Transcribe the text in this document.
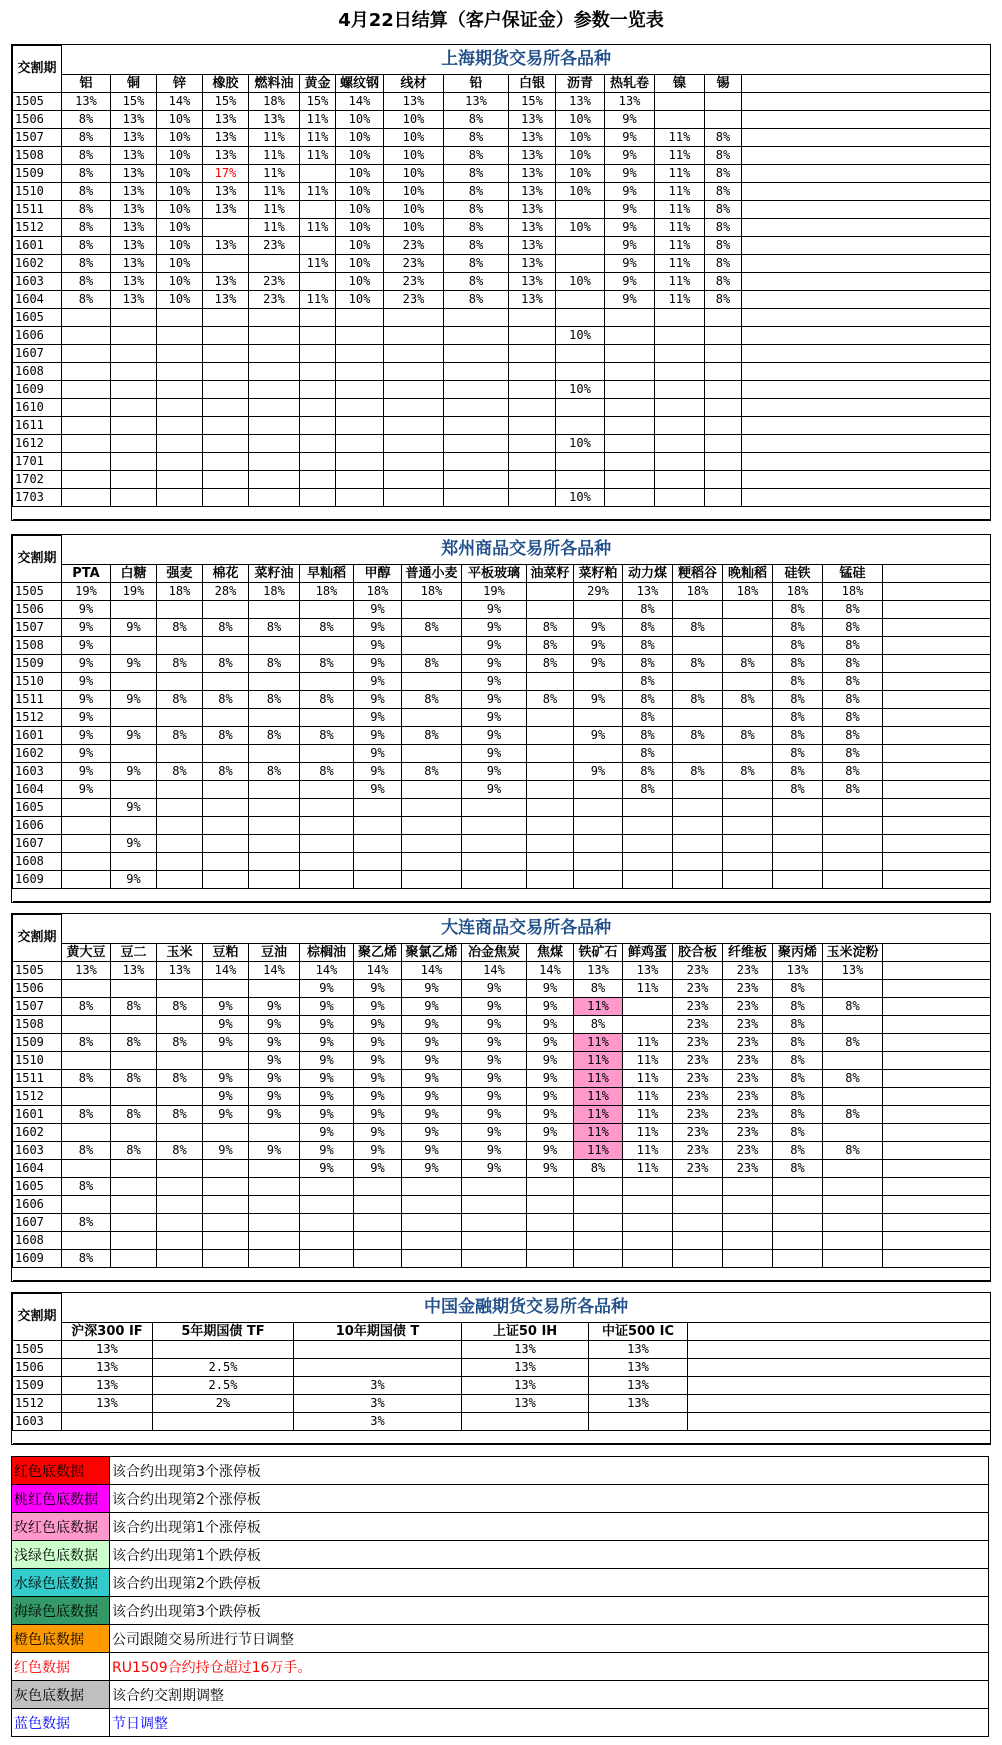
4月22日结算（客户保证金）参数一览表
交割期	上海期货交易所各品种														
	铝	铜	锌	橡胶	燃料油	黄金	螺纹钢	线材	铅	白银	沥青	热轧卷	镍	锡	
1505	13%	15%	14%	15%	18%	15%	14%	13%	13%	15%	13%	13%			
1506	8%	13%	10%	13%	13%	11%	10%	10%	8%	13%	10%	9%			
1507	8%	13%	10%	13%	11%	11%	10%	10%	8%	13%	10%	9%	11%	8%	
1508	8%	13%	10%	13%	11%	11%	10%	10%	8%	13%	10%	9%	11%	8%	
1509	8%	13%	10%	17%	11%		10%	10%	8%	13%	10%	9%	11%	8%	
1510	8%	13%	10%	13%	11%	11%	10%	10%	8%	13%	10%	9%	11%	8%	
1511	8%	13%	10%	13%	11%		10%	10%	8%	13%		9%	11%	8%	
1512	8%	13%	10%		11%	11%	10%	10%	8%	13%	10%	9%	11%	8%	
1601	8%	13%	10%	13%	23%		10%	23%	8%	13%		9%	11%	8%	
1602	8%	13%	10%			11%	10%	23%	8%	13%		9%	11%	8%	
1603	8%	13%	10%	13%	23%		10%	23%	8%	13%	10%	9%	11%	8%	
1604	8%	13%	10%	13%	23%	11%	10%	23%	8%	13%		9%	11%	8%	
1605															
1606											10%				
1607															
1608															
1609											10%				
1610															
1611															
1612											10%				
1701															
1702															
1703											10%				

交割期	郑州商品交易所各品种																
	PTA	白糖	强麦	棉花	菜籽油	早籼稻	甲醇	普通小麦	平板玻璃	油菜籽	菜籽粕	动力煤	粳稻谷	晚籼稻	硅铁	锰硅	
1505	19%	19%	18%	28%	18%	18%	18%	18%	19%		29%	13%	18%	18%	18%	18%	
1506	9%						9%		9%			8%			8%	8%	
1507	9%	9%	8%	8%	8%	8%	9%	8%	9%	8%	9%	8%	8%		8%	8%	
1508	9%						9%		9%	8%	9%	8%			8%	8%	
1509	9%	9%	8%	8%	8%	8%	9%	8%	9%	8%	9%	8%	8%	8%	8%	8%	
1510	9%						9%		9%			8%			8%	8%	
1511	9%	9%	8%	8%	8%	8%	9%	8%	9%	8%	9%	8%	8%	8%	8%	8%	
1512	9%						9%		9%			8%			8%	8%	
1601	9%	9%	8%	8%	8%	8%	9%	8%	9%		9%	8%	8%	8%	8%	8%	
1602	9%						9%		9%			8%			8%	8%	
1603	9%	9%	8%	8%	8%	8%	9%	8%	9%		9%	8%	8%	8%	8%	8%	
1604	9%						9%		9%			8%			8%	8%	
1605		9%															
1606																	
1607		9%															
1608																	
1609		9%															

交割期	大连商品交易所各品种																
	黄大豆	豆二	玉米	豆粕	豆油	棕榈油	聚乙烯	聚氯乙烯	冶金焦炭	焦煤	铁矿石	鲜鸡蛋	胶合板	纤维板	聚丙烯	玉米淀粉	
1505	13%	13%	13%	14%	14%	14%	14%	14%	14%	14%	13%	13%	23%	23%	13%	13%	
1506						9%	9%	9%	9%	9%	8%	11%	23%	23%	8%		
1507	8%	8%	8%	9%	9%	9%	9%	9%	9%	9%	11%		23%	23%	8%	8%	
1508				9%	9%	9%	9%	9%	9%	9%	8%		23%	23%	8%		
1509	8%	8%	8%	9%	9%	9%	9%	9%	9%	9%	11%	11%	23%	23%	8%	8%	
1510					9%	9%	9%	9%	9%	9%	11%	11%	23%	23%	8%		
1511	8%	8%	8%	9%	9%	9%	9%	9%	9%	9%	11%	11%	23%	23%	8%	8%	
1512				9%	9%	9%	9%	9%	9%	9%	11%	11%	23%	23%	8%		
1601	8%	8%	8%	9%	9%	9%	9%	9%	9%	9%	11%	11%	23%	23%	8%	8%	
1602						9%	9%	9%	9%	9%	11%	11%	23%	23%	8%		
1603	8%	8%	8%	9%	9%	9%	9%	9%	9%	9%	11%	11%	23%	23%	8%	8%	
1604						9%	9%	9%	9%	9%	8%	11%	23%	23%	8%		
1605	8%																
1606																	
1607	8%																
1608																	
1609	8%																

交割期	中国金融期货交易所各品种					
	沪深300 IF	5年期国债 TF	10年期国债 T	上证50 IH	中证500 IC	
1505	13%			13%	13%	
1506	13%	2.5%		13%	13%	
1509	13%	2.5%	3%	13%	13%	
1512	13%	2%	3%	13%	13%	
1603			3%			

红色底数据	该合约出现第3个涨停板
桃红色底数据	该合约出现第2个涨停板
玫红色底数据	该合约出现第1个涨停板
浅绿色底数据	该合约出现第1个跌停板
水绿色底数据	该合约出现第2个跌停板
海绿色底数据	该合约出现第3个跌停板
橙色底数据	公司跟随交易所进行节日调整
红色数据	RU1509合约持仓超过16万手。
灰色底数据	该合约交割期调整
蓝色数据	节日调整
